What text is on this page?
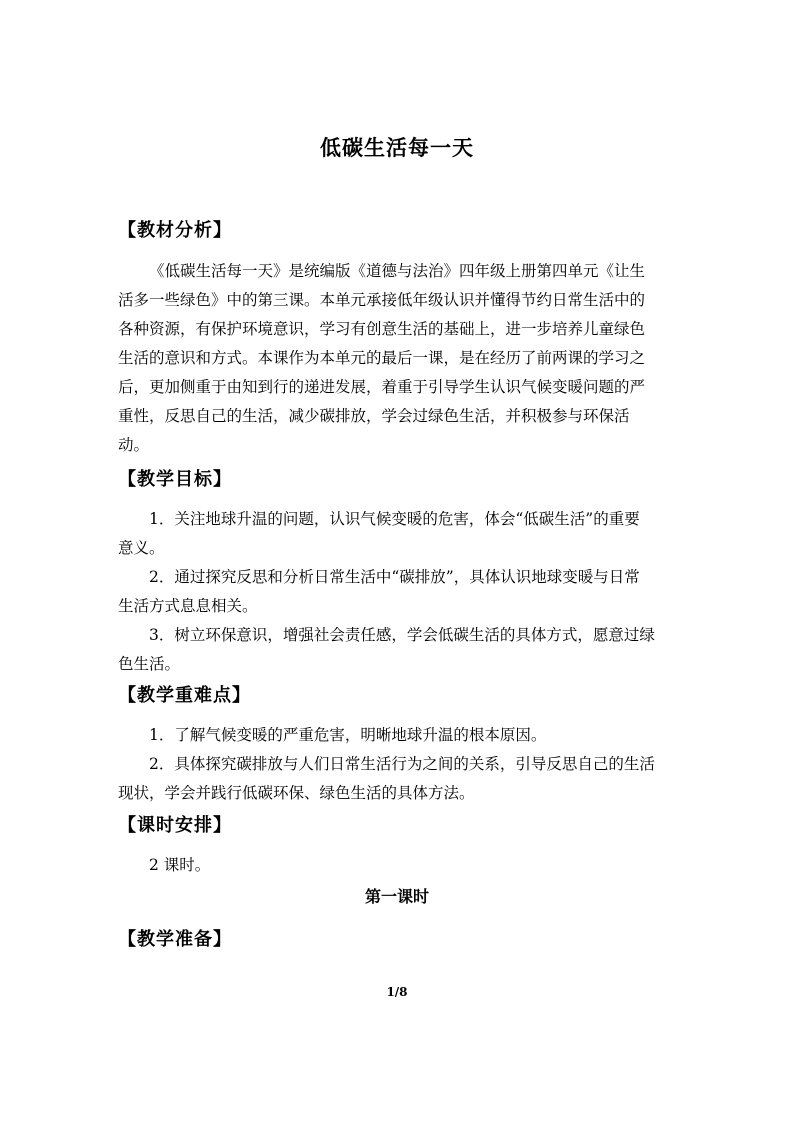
低碳生活每一天
【教材分析】
《低碳生活每一天》是统编版《道德与法治》四年级上册第四单元《让生
活多一些绿色》中的第三课。本单元承接低年级认识并懂得节约日常生活中的
各种资源，有保护环境意识，学习有创意生活的基础上，进一步培养儿童绿色
生活的意识和方式。本课作为本单元的最后一课，是在经历了前两课的学习之
后，更加侧重于由知到行的递进发展，着重于引导学生认识气候变暖问题的严
重性，反思自己的生活，减少碳排放，学会过绿色生活，并积极参与环保活
动。
【教学目标】
1．关注地球升温的问题，认识气候变暖的危害，体会“低碳生活”的重要
意义。
2．通过探究反思和分析日常生活中“碳排放”，具体认识地球变暖与日常
生活方式息息相关。
3．树立环保意识，增强社会责任感，学会低碳生活的具体方式，愿意过绿
色生活。
【教学重难点】
1．了解气候变暖的严重危害，明晰地球升温的根本原因。
2．具体探究碳排放与人们日常生活行为之间的关系，引导反思自己的生活
现状，学会并践行低碳环保、绿色生活的具体方法。
【课时安排】
2 课时。
第一课时
【教学准备】
1/8
